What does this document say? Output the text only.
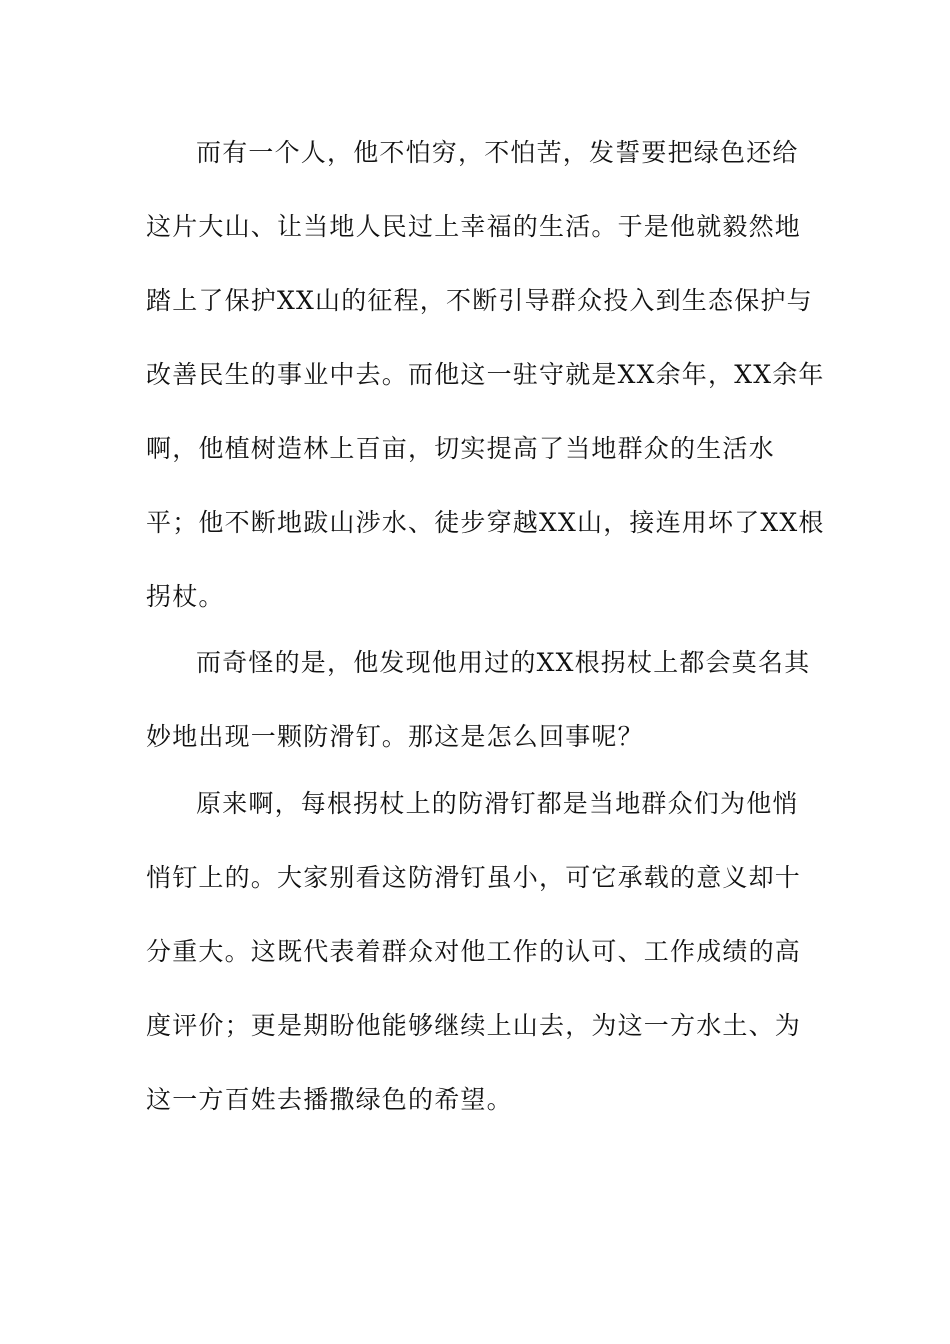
而有一个人，他不怕穷，不怕苦，发誓要把绿色还给
这片大山、让当地人民过上幸福的生活。于是他就毅然地
踏上了保护XX山的征程，不断引导群众投入到生态保护与
改善民生的事业中去。而他这一驻守就是XX余年，XX余年
啊，他植树造林上百亩，切实提高了当地群众的生活水
平；他不断地跋山涉水、徒步穿越XX山，接连用坏了XX根
拐杖。
而奇怪的是，他发现他用过的XX根拐杖上都会莫名其
妙地出现一颗防滑钉。那这是怎么回事呢？
原来啊，每根拐杖上的防滑钉都是当地群众们为他悄
悄钉上的。大家别看这防滑钉虽小，可它承载的意义却十
分重大。这既代表着群众对他工作的认可、工作成绩的高
度评价；更是期盼他能够继续上山去，为这一方水土、为
这一方百姓去播撒绿色的希望。
